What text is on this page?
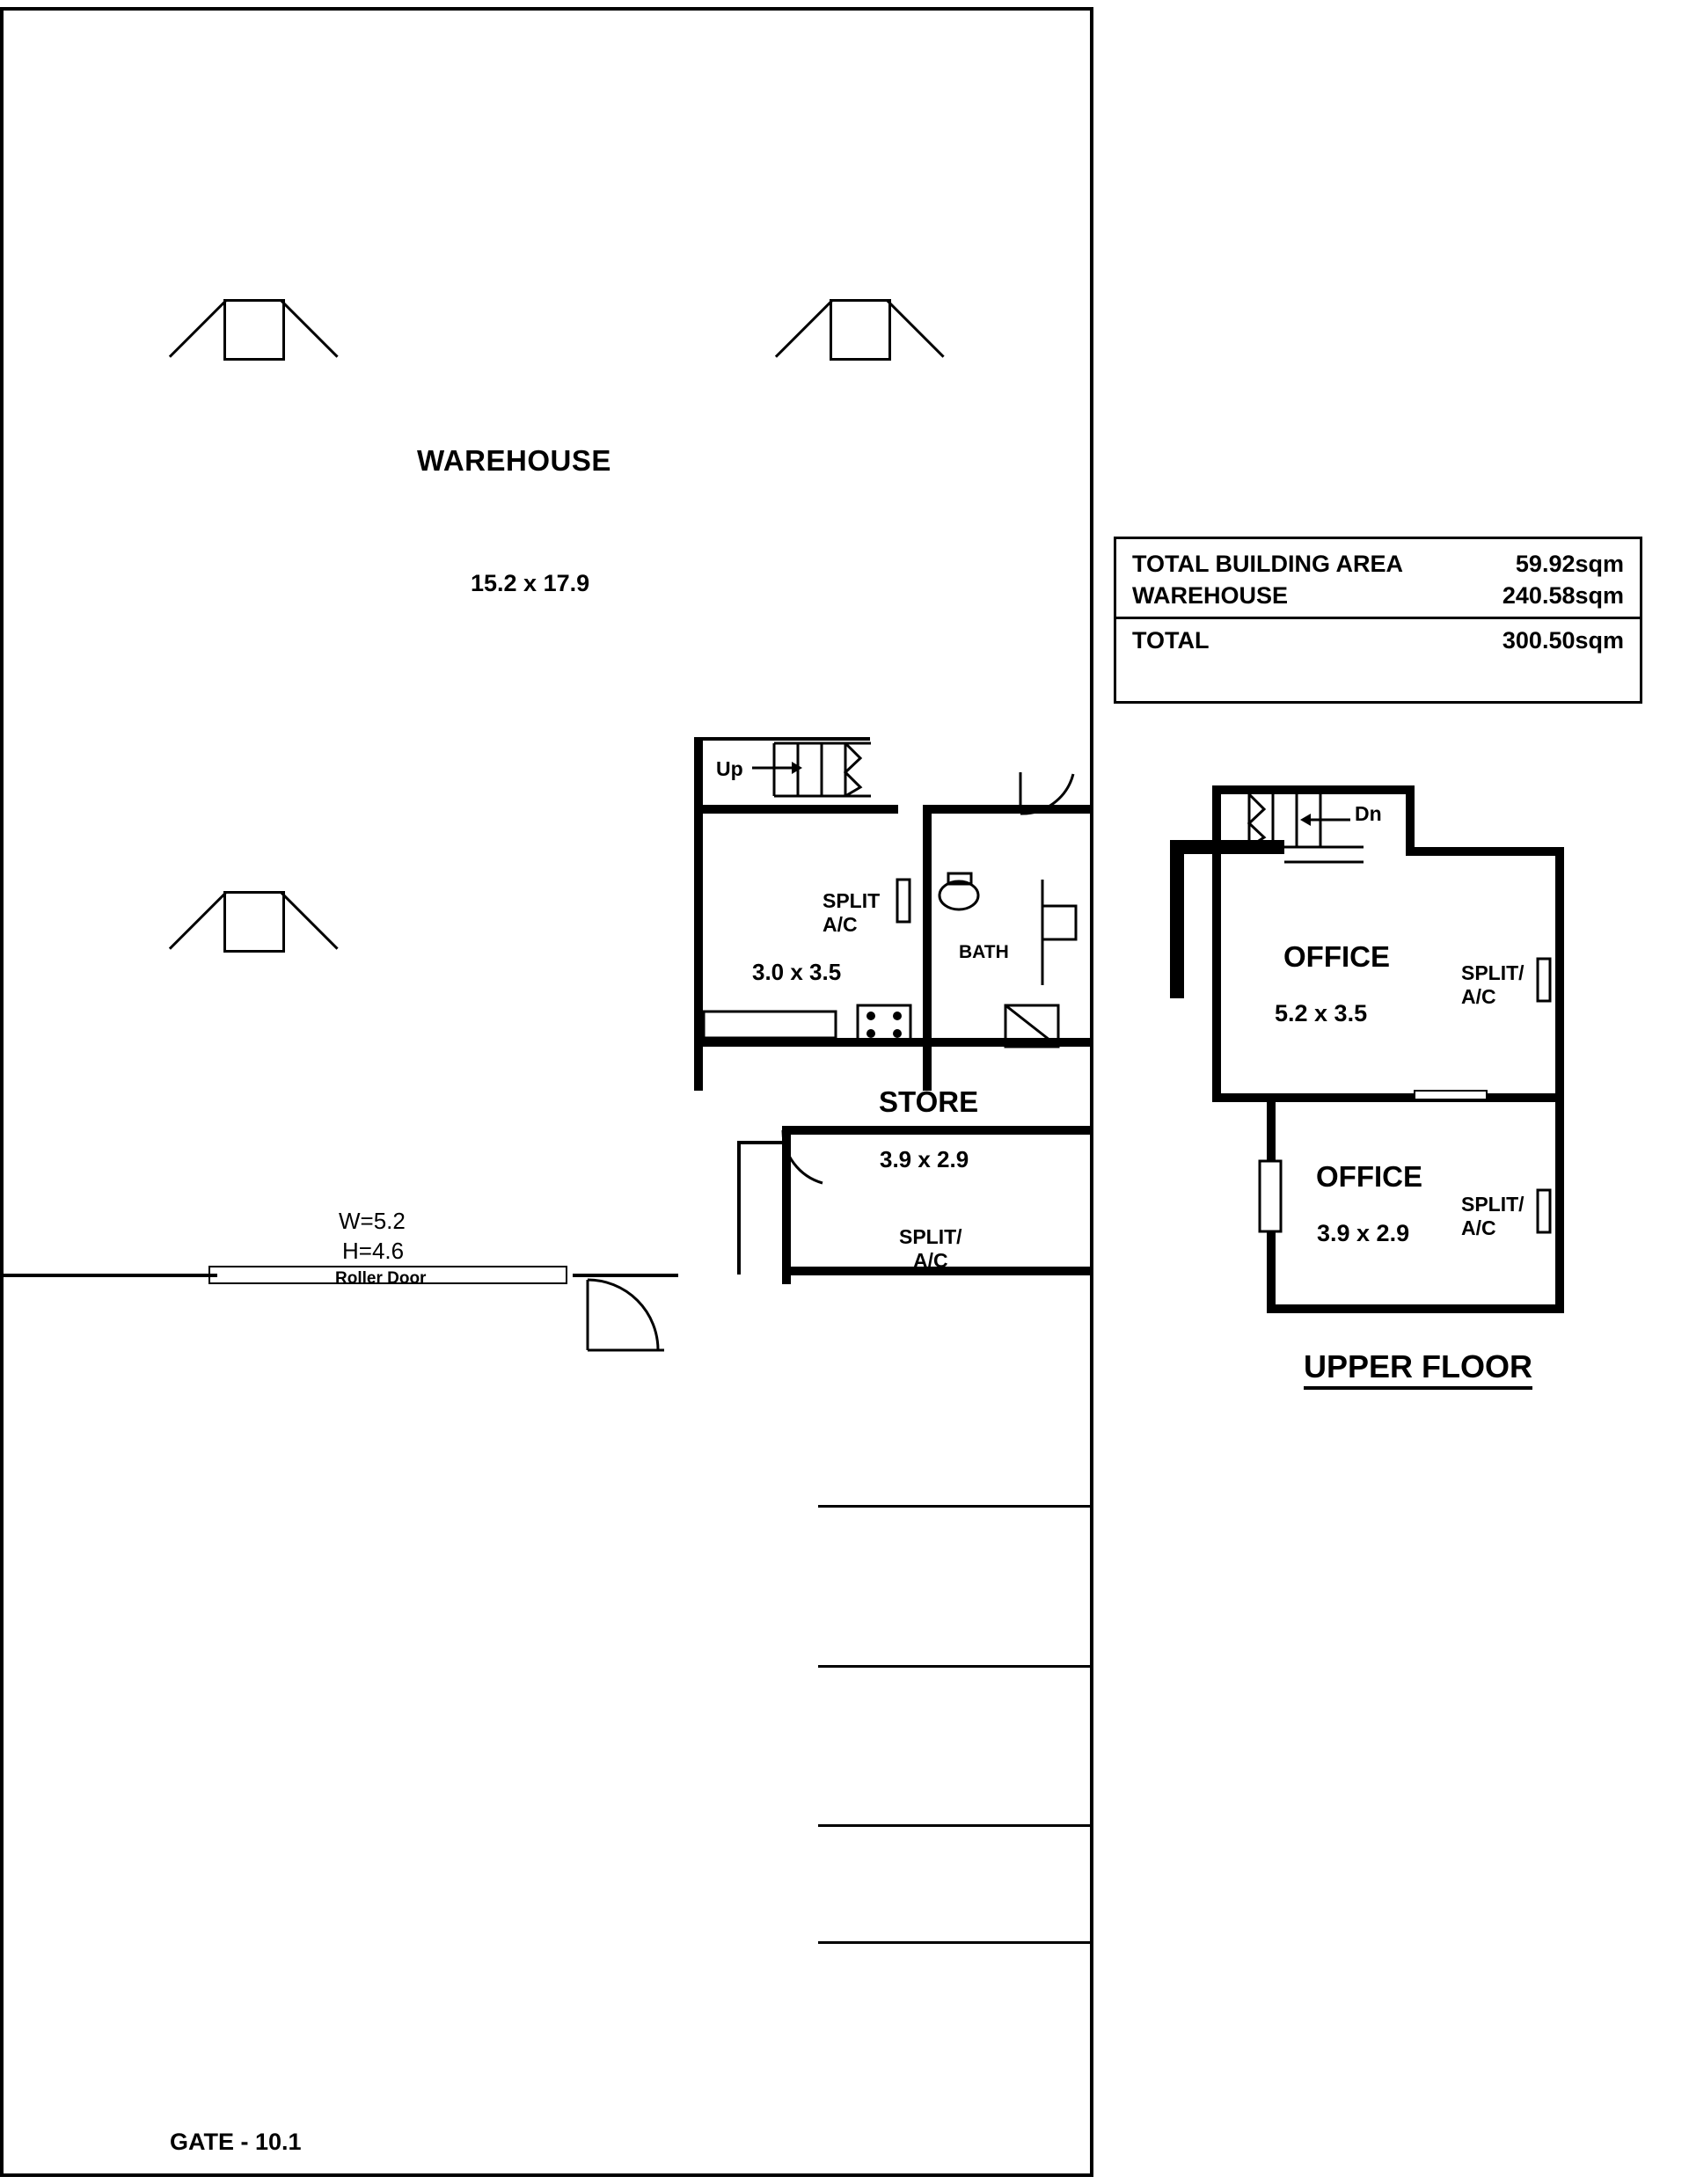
WAREHOUSE
15.2 x 17.9
Up
SPLIT
A/C
3.0 x 3.5
BATH
STORE
3.9 x 2.9
SPLIT/
A/C
Roller Door
W=5.2
H=4.6
GATE - 10.1
TOTAL BUILDING AREA	59.92sqm
WAREHOUSE	240.58sqm
TOTAL	300.50sqm
Dn
OFFICE
5.2 x 3.5
SPLIT/
A/C
OFFICE
3.9 x 2.9
SPLIT/
A/C
UPPER FLOOR
